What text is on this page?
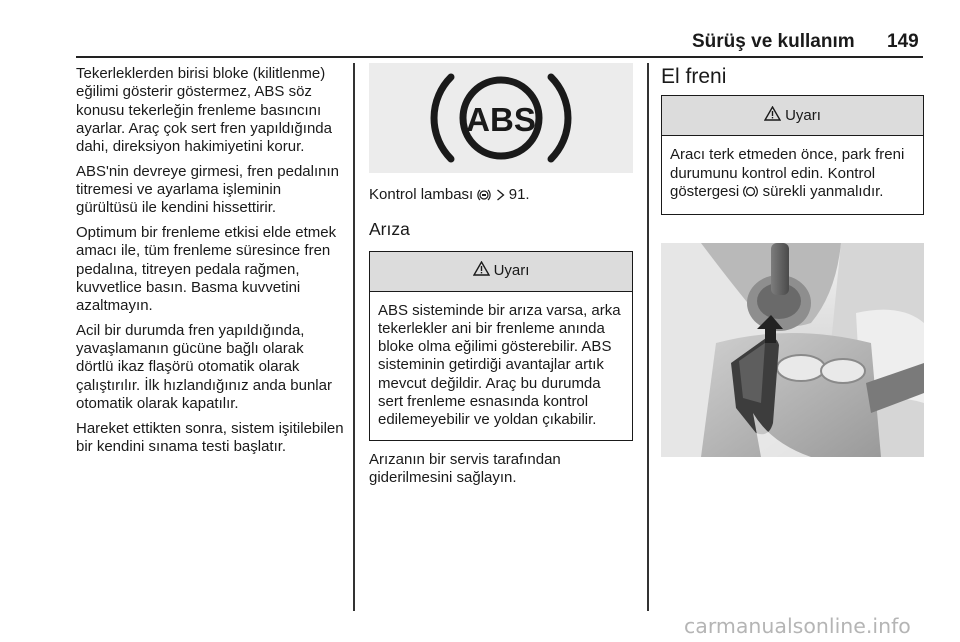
Sürüş ve kullanım 149

Tekerleklerden birisi bloke (kilitlenme) eğilimi gösterir göstermez, ABS söz konusu tekerleğin frenleme basıncını ayarlar. Araç çok sert fren yapıldığında dahi, direksiyon hakimiyetini korur.

ABS'nin devreye girmesi, fren pedalının titremesi ve ayarlama işleminin gürültüsü ile kendini hissettirir.

Optimum bir frenleme etkisi elde etmek amacı ile, tüm frenleme süresince fren pedalına, titreyen pedala rağmen, kuvvetlice basın. Basma kuvvetini azaltmayın.

Acil bir durumda fren yapıldığında, yavaşlamanın gücüne bağlı olarak dörtlü ikaz flaşörü otomatik olarak çalıştırılır. İlk hızlandığınız anda bunlar otomatik olarak kapatılır.

Hareket ettikten sonra, sistem işitilebilen bir kendini sınama testi başlatır.

ABS
Kontrol lambası 91.
Arıza
Uyarı
ABS sisteminde bir arıza varsa, arka tekerlekler ani bir frenleme anında bloke olma eğilimi gösterebilir. ABS sisteminin getirdiği avantajlar artık mevcut değildir. Araç bu durumda sert frenleme esnasında kontrol edilemeyebilir ve yoldan çıkabilir.

Arızanın bir servis tarafından giderilmesini sağlayın.

El freni
Uyarı
Aracı terk etmeden önce, park freni durumunu kontrol edin. Kontrol göstergesi sürekli yanmalıdır.
carmanualsonline.info
